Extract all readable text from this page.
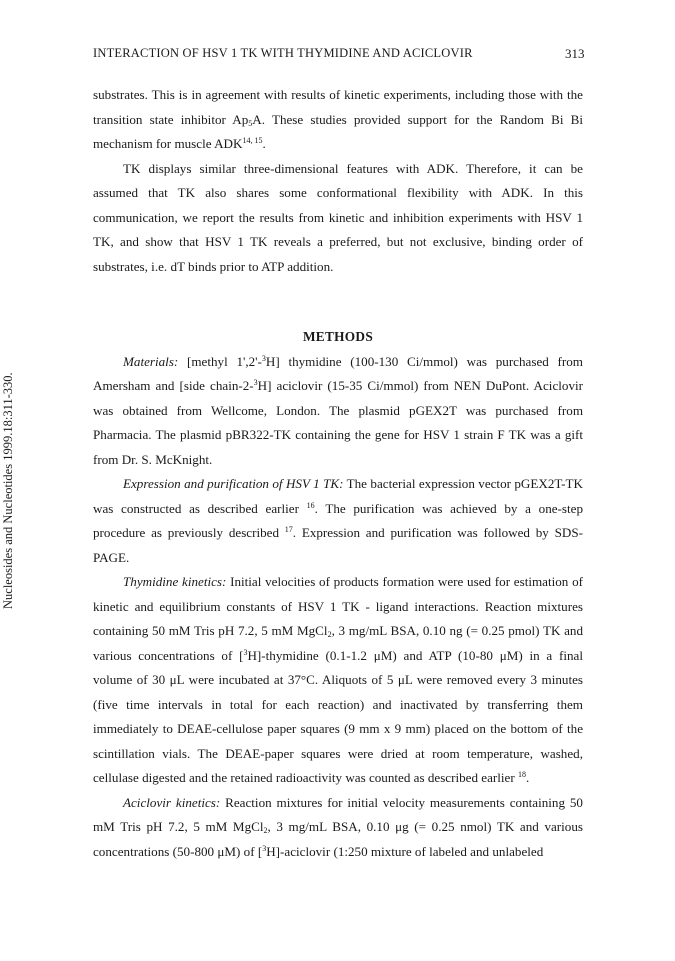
INTERACTION OF HSV 1 TK WITH THYMIDINE AND ACICLOVIR	313
Nucleosides and Nucleotides 1999.18:311-330.

substrates. This is in agreement with results of kinetic experiments, including those with the transition state inhibitor $Ap_5A$. These studies provided support for the Random Bi Bi mechanism for muscle ADK$^{14, 15}$.

TK displays similar three-dimensional features with ADK. Therefore, it can be assumed that TK also shares some conformational flexibility with ADK. In this communication, we report the results from kinetic and inhibition experiments with HSV 1 TK, and show that HSV 1 TK reveals a preferred, but not exclusive, binding order of substrates, i.e. dT binds prior to ATP addition.

METHODS

Materials: [methyl 1',2'-$^3$H] thymidine (100-130 Ci/mmol) was purchased from Amersham and [side chain-2-$^3$H] aciclovir (15-35 Ci/mmol) from NEN DuPont. Aciclovir was obtained from Wellcome, London. The plasmid pGEX2T was purchased from Pharmacia. The plasmid pBR322-TK containing the gene for HSV 1 strain F TK was a gift from Dr. S. McKnight.

Expression and purification of HSV 1 TK: The bacterial expression vector pGEX2T-TK was constructed as described earlier $^{16}$. The purification was achieved by a one-step procedure as previously described $^{17}$. Expression and purification was followed by SDS-PAGE.

Thymidine kinetics: Initial velocities of products formation were used for estimation of kinetic and equilibrium constants of HSV 1 TK - ligand interactions. Reaction mixtures containing 50 mM Tris pH 7.2, 5 mM MgCl$_2$, 3 mg/mL BSA, 0.10 ng (= 0.25 pmol) TK and various concentrations of [$^3$H]-thymidine (0.1-1.2 μM) and ATP (10-80 μM) in a final volume of 30 μL were incubated at 37°C. Aliquots of 5 μL were removed every 3 minutes (five time intervals in total for each reaction) and inactivated by transferring them immediately to DEAE-cellulose paper squares (9 mm x 9 mm) placed on the bottom of the scintillation vials. The DEAE-paper squares were dried at room temperature, washed, cellulase digested and the retained radioactivity was counted as described earlier $^{18}$.

Aciclovir kinetics: Reaction mixtures for initial velocity measurements containing 50 mM Tris pH 7.2, 5 mM MgCl$_2$, 3 mg/mL BSA, 0.10 μg (= 0.25 nmol) TK and various concentrations (50-800 μM) of [$^3$H]-aciclovir (1:250 mixture of labeled and unlabeled
